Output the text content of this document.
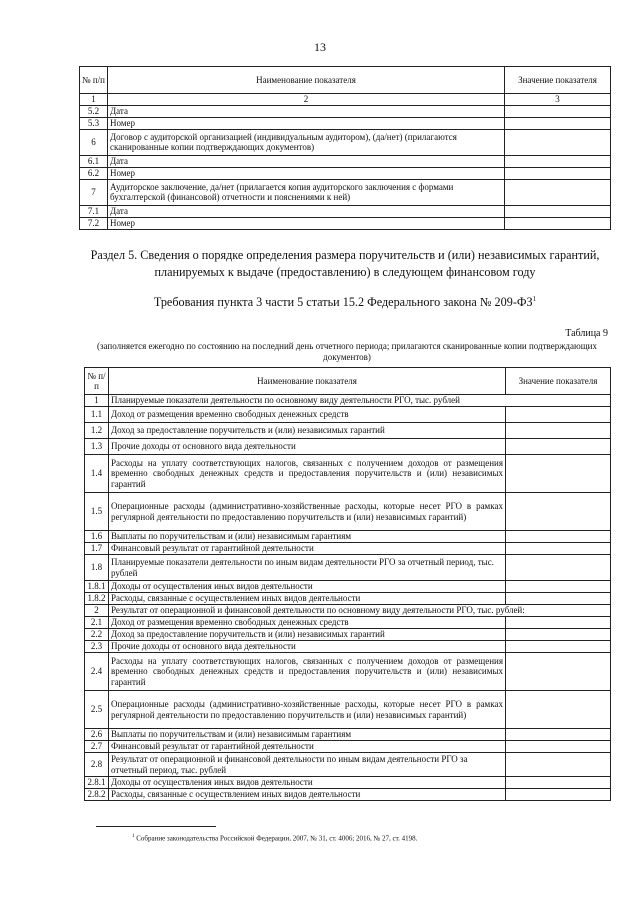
13
№ п/п	Наименование показателя	Значение показателя
1	2	3
5.2	Дата	
5.3	Номер	
6	Договор с аудиторской организацией (индивидуальным аудитором), (да/нет) (прилагаются сканированные копии подтверждающих документов)	
6.1	Дата	
6.2	Номер	
7	Аудиторское заключение, да/нет (прилагается копия аудиторского заключения с формами бухгалтерской (финансовой) отчетности и пояснениями к ней)	
7.1	Дата	
7.2	Номер	
Раздел 5. Сведения о порядке определения размера поручительств и (или) независимых гарантий, планируемых к выдаче (предоставлению) в следующем финансовом году
Требования пункта 3 части 5 статьи 15.2 Федерального закона № $209-ФЗ^1$
Таблица 9
(заполняется ежегодно по состоянию на последний день отчетного периода; прилагаются сканированные копии подтверждающих документов)
№ п/п	Наименование показателя	Значение показателя
1	Планируемые показатели деятельности по основному виду деятельности РГО, тыс. рублей	
1.1	Доход от размещения временно свободных денежных средств	
1.2	Доход за предоставление поручительств и (или) независимых гарантий	
1.3	Прочие доходы от основного вида деятельности	
1.4	Расходы на уплату соответствующих налогов, связанных с получением доходов от размещения временно свободных денежных средств и предоставления поручительств и (или) независимых гарантий	
1.5	Операционные расходы (административно-хозяйственные расходы, которые несет РГО в рамках регулярной деятельности по предоставлению поручительств и (или) независимых гарантий)	
1.6	Выплаты по поручительствам и (или) независимым гарантиям	
1.7	Финансовый результат от гарантийной деятельности	
1.8	Планируемые показатели деятельности по иным видам деятельности РГО за отчетный период, тыс. рублей	
1.8.1	Доходы от осуществления иных видов деятельности	
1.8.2	Расходы, связанные с осуществлением иных видов деятельности	
2	Результат от операционной и финансовой деятельности по основному виду деятельности РГО, тыс. рублей:	
2.1	Доход от размещения временно свободных денежных средств	
2.2	Доход за предоставление поручительств и (или) независимых гарантий	
2.3	Прочие доходы от основного вида деятельности	
2.4	Расходы на уплату соответствующих налогов, связанных с получением доходов от размещения временно свободных денежных средств и предоставления поручительств и (или) независимых гарантий	
2.5	Операционные расходы (административно-хозяйственные расходы, которые несет РГО в рамках регулярной деятельности по предоставлению поручительств и (или) независимых гарантий)	
2.6	Выплаты по поручительствам и (или) независимым гарантиям	
2.7	Финансовый результат от гарантийной деятельности	
2.8	Результат от операционной и финансовой деятельности по иным видам деятельности РГО за отчетный период, тыс. рублей	
2.8.1	Доходы от осуществления иных видов деятельности	
2.8.2	Расходы, связанные с осуществлением иных видов деятельности	
$^1$ Собрание законодательства Российской Федерации, 2007, № 31, ст. 4006; 2016, № 27, ст. 4198.
